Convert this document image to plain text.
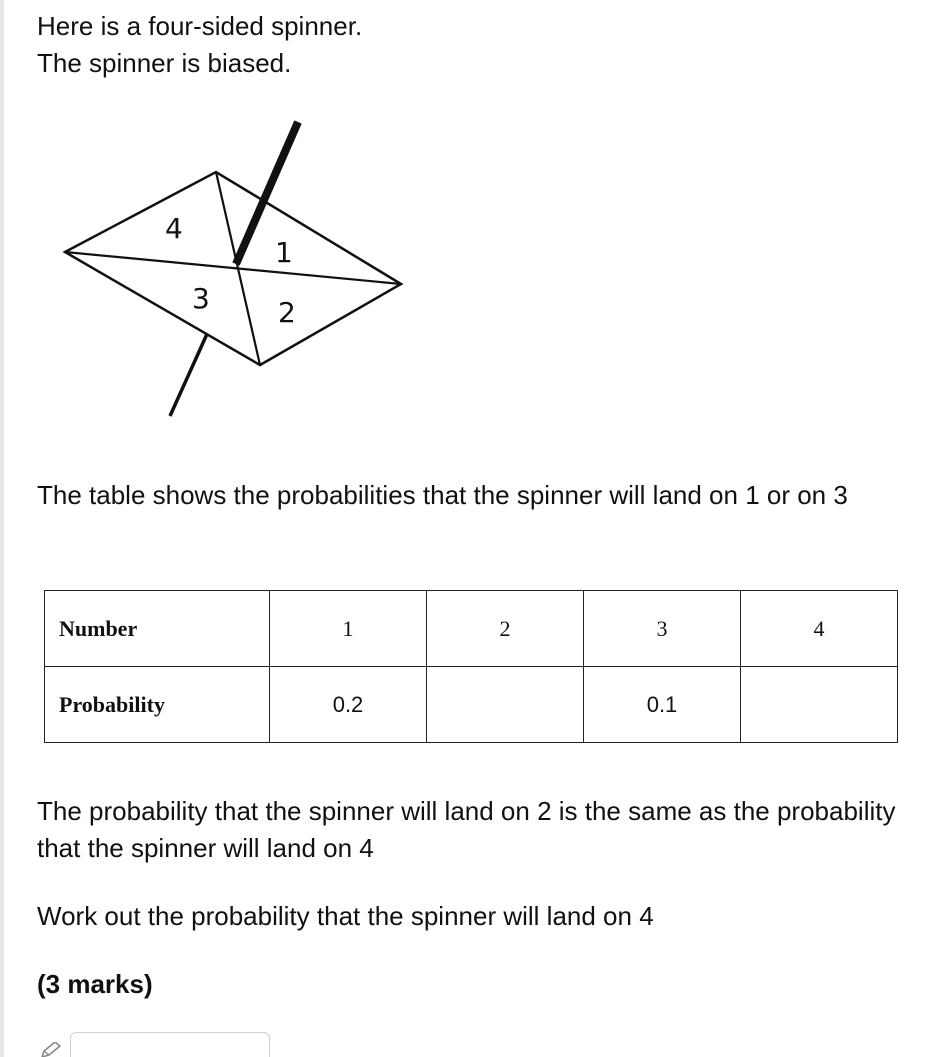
Here is a four-sided spinner.
The spinner is biased.

4
1
3 2

The table shows the probabilities that the spinner will land on 1 or on 3

Number	1	2	3	4
Probability	0.2		0.1	

The probability that the spinner will land on 2 is the same as the probability that the spinner will land on 4

Work out the probability that the spinner will land on 4

(3 marks)
